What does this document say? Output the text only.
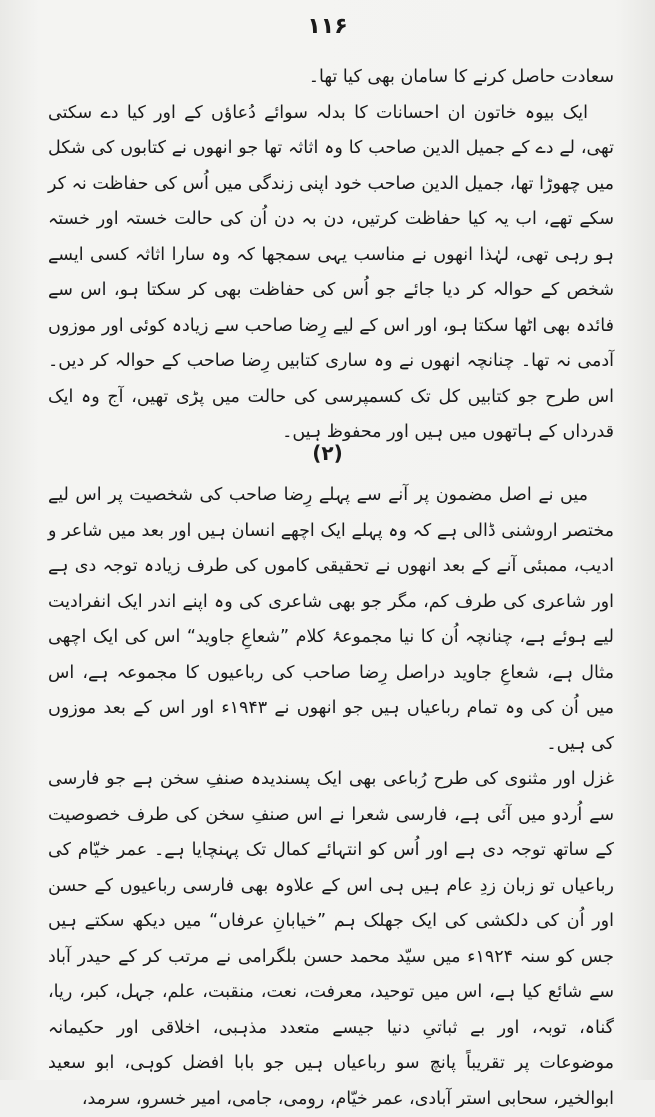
۱۱۶

سعادت حاصل کرنے کا سامان بھی کیا تھا۔

ایک بیوہ خاتون ان احسانات کا بدلہ سوائے دُعاؤں کے اور کیا دے سکتی تھی، لے دے کے جمیل الدین صاحب کا وہ اثاثہ تھا جو انھوں نے کتابوں کی شکل میں چھوڑا تھا، جمیل الدین صاحب خود اپنی زندگی میں اُس کی حفاظت نہ کر سکے تھے، اب یہ کیا حفاظت کرتیں، دن بہ دن اُن کی حالت خستہ اور خستہ ہو رہی تھی، لہٰذا انھوں نے مناسب یہی سمجھا کہ وہ سارا اثاثہ کسی ایسے شخص کے حوالہ کر دیا جائے جو اُس کی حفاظت بھی کر سکتا ہو، اس سے فائدہ بھی اٹھا سکتا ہو، اور اس کے لیے رِضا صاحب سے زیادہ کوئی اور موزوں آدمی نہ تھا۔ چنانچہ انھوں نے وہ ساری کتابیں رِضا صاحب کے حوالہ کر دیں۔ اس طرح جو کتابیں کل تک کسمپرسی کی حالت میں پڑی تھیں، آج وہ ایک قدرداں کے ہاتھوں میں ہیں اور محفوظ ہیں۔

(۲)

میں نے اصل مضمون پر آنے سے پہلے رِضا صاحب کی شخصیت پر اس لیے مختصر اروشنی ڈالی ہے کہ وہ پہلے ایک اچھے انسان ہیں اور بعد میں شاعر و ادیب، ممبئی آنے کے بعد انھوں نے تحقیقی کاموں کی طرف زیادہ توجہ دی ہے اور شاعری کی طرف کم، مگر جو بھی شاعری کی وہ اپنے اندر ایک انفرادیت لیے ہوئے ہے، چنانچہ اُن کا نیا مجموعۂ کلام ”شعاعِ جاوید“ اس کی ایک اچھی مثال ہے، شعاعِ جاوید دراصل رِضا صاحب کی رباعیوں کا مجموعہ ہے، اس میں اُن کی وہ تمام رباعیاں ہیں جو انھوں نے ۱۹۴۳ء اور اس کے بعد موزوں کی ہیں۔

غزل اور مثنوی کی طرح رُباعی بھی ایک پسندیدہ صنفِ سخن ہے جو فارسی سے اُردو میں آئی ہے، فارسی شعرا نے اس صنفِ سخن کی طرف خصوصیت کے ساتھ توجہ دی ہے اور اُس کو انتہائے کمال تک پہنچایا ہے۔ عمر خیّام کی رباعیاں تو زبان زدِ عام ہیں ہی اس کے علاوہ بھی فارسی رباعیوں کے حسن اور اُن کی دلکشی کی ایک جھلک ہم ”خیابانِ عرفاں“ میں دیکھ سکتے ہیں جس کو سنہ ۱۹۲۴ء میں سیّد محمد حسن بلگرامی نے مرتب کر کے حیدر آباد سے شائع کیا ہے، اس میں توحید، معرفت، نعت، منقبت، علم، جہل، کبر، ریا، گناہ، توبہ، اور بے ثباتیِ دنیا جیسے متعدد مذہبی، اخلاقی اور حکیمانہ موضوعات پر تقریباً پانچ سو رباعیاں ہیں جو بابا افضل کوہی، ابو سعید ابوالخیر، سحابی استر آبادی، عمر خیّام، رومی، جامی، امیر خسرو، سرمد،
